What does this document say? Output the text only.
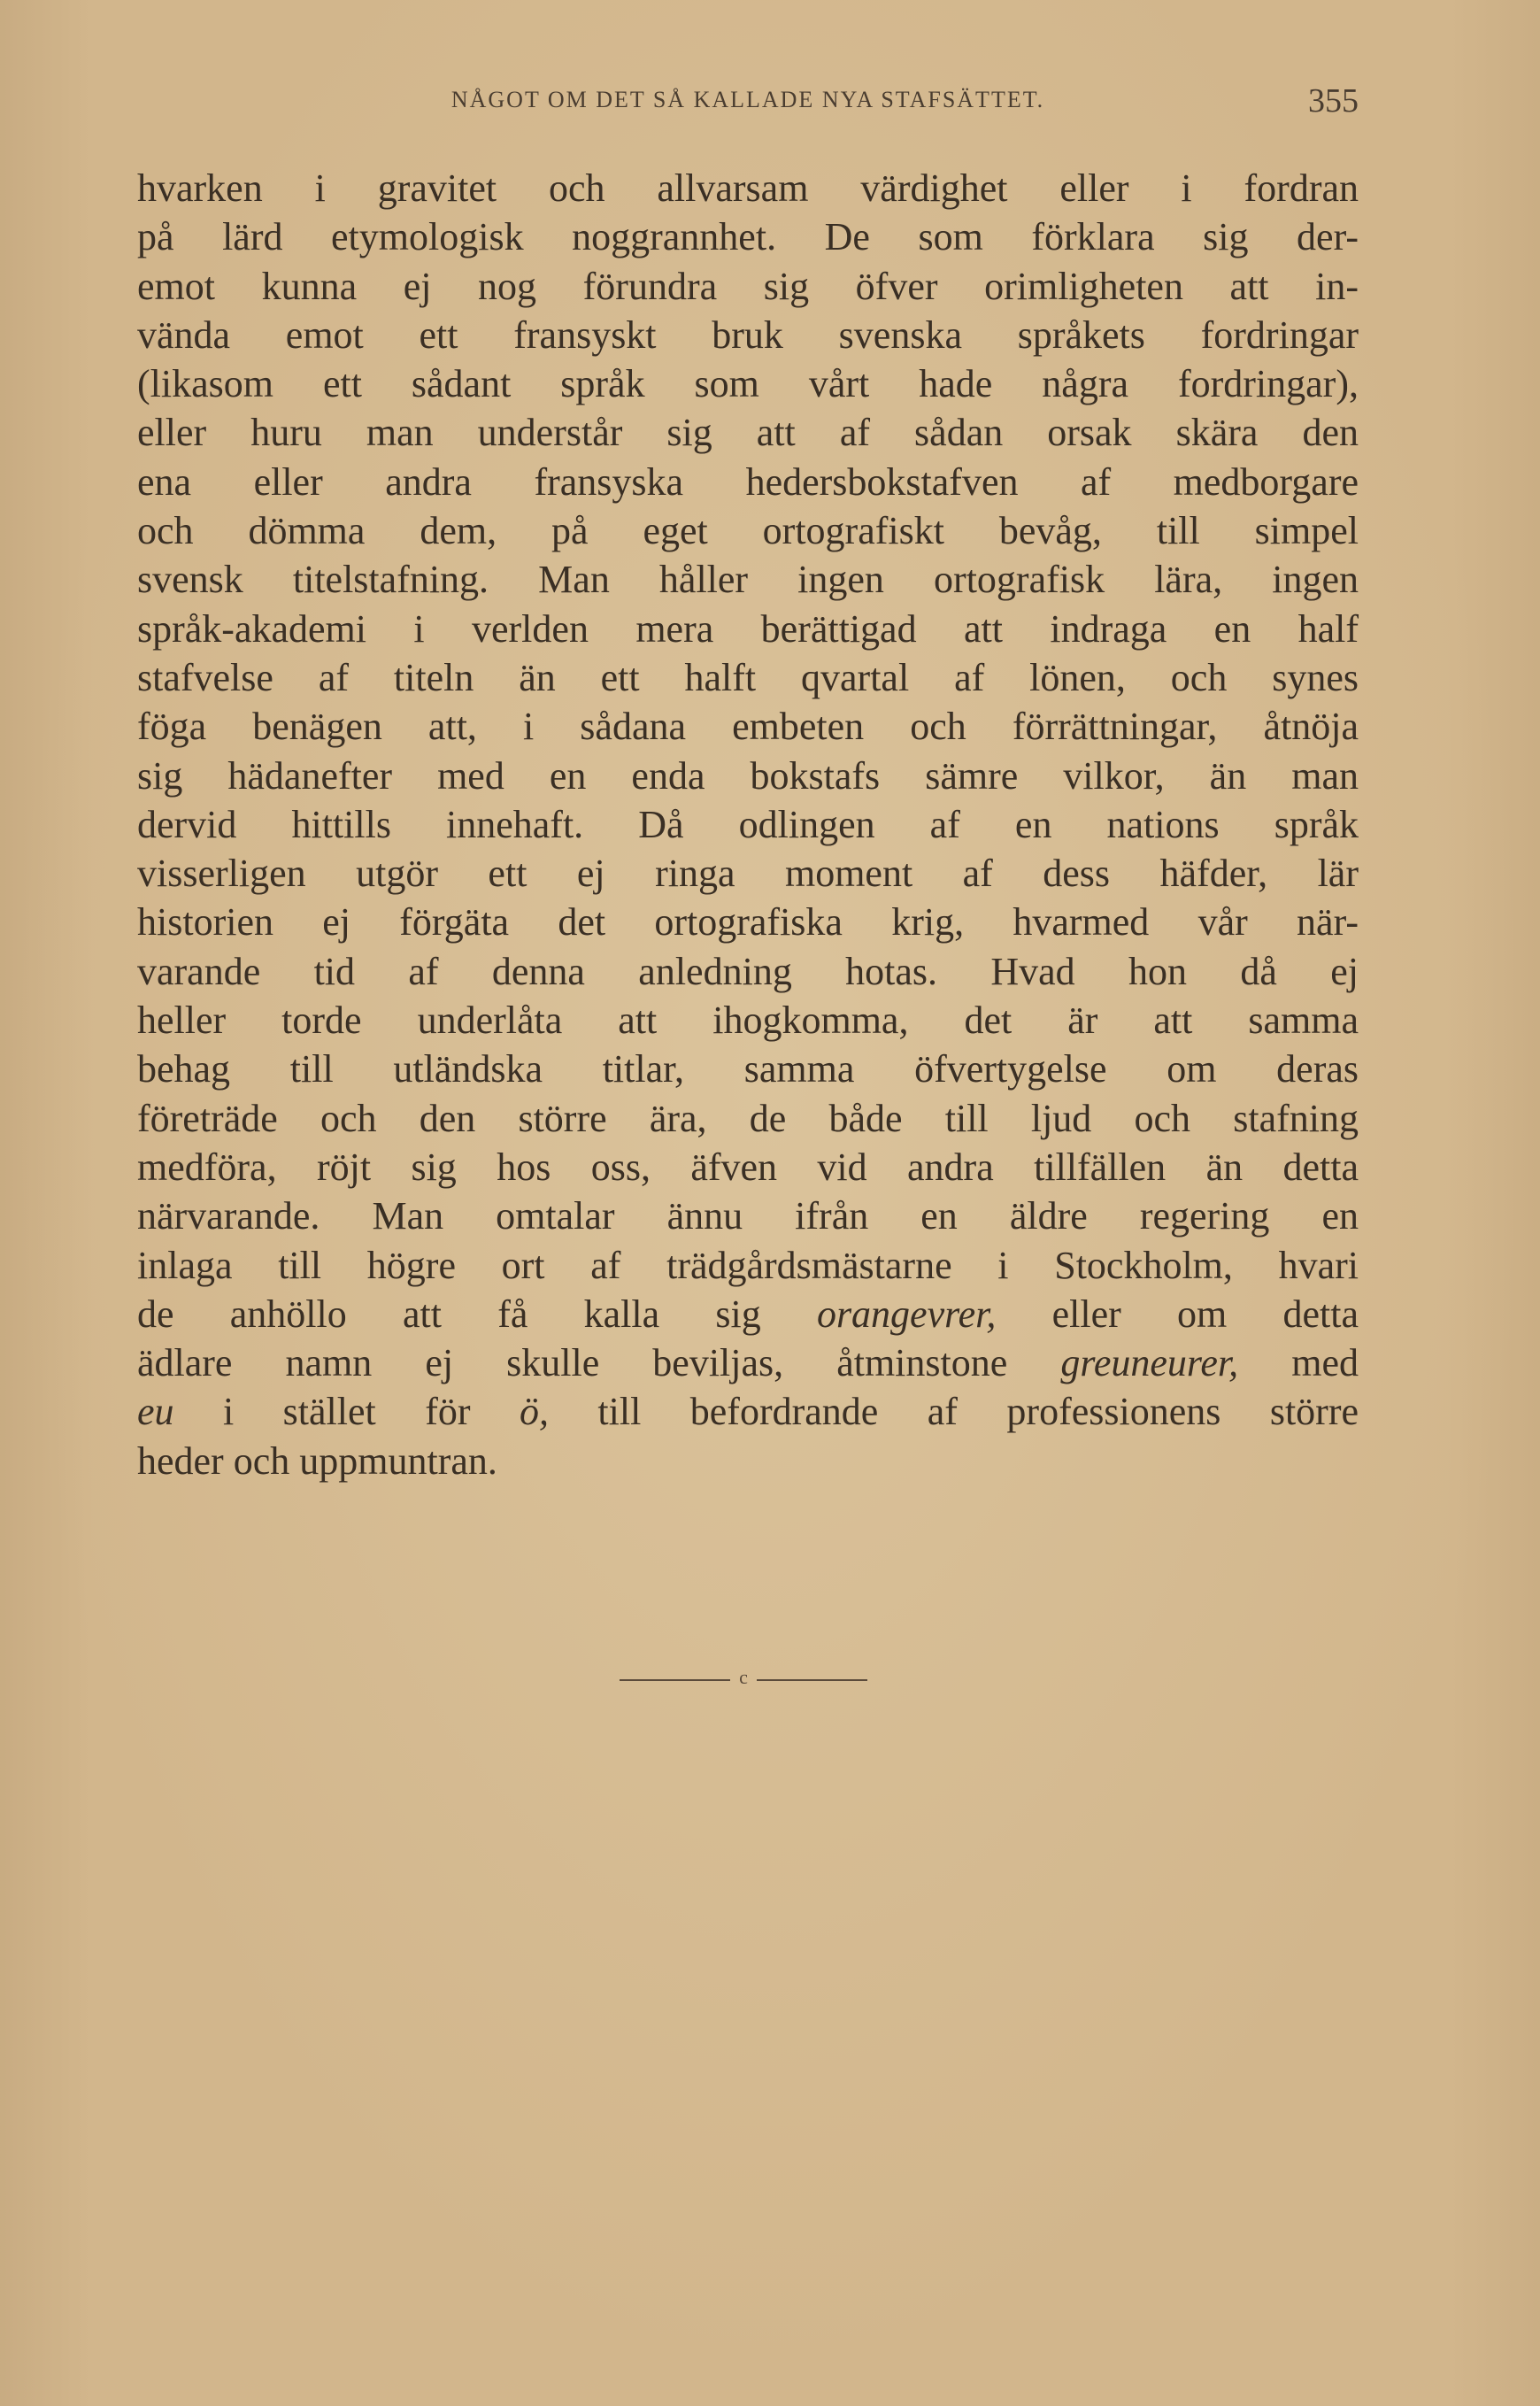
NÅGOT OM DET SÅ KALLADE NYA STAFSÄTTET.	355
hvarken i gravitet och allvarsam värdighet eller i fordran
på lärd etymologisk noggrannhet. De som förklara sig der-
emot kunna ej nog förundra sig öfver orimligheten att in-
vända emot ett fransyskt bruk svenska språkets fordringar
(likasom ett sådant språk som vårt hade några fordringar),
eller huru man understår sig att af sådan orsak skära den
ena eller andra fransyska hedersbokstafven af medborgare
och dömma dem, på eget ortografiskt bevåg, till simpel
svensk titelstafning. Man håller ingen ortografisk lära, ingen
språk-akademi i verlden mera berättigad att indraga en half
stafvelse af titeln än ett halft qvartal af lönen, och synes
föga benägen att, i sådana embeten och förrättningar, åtnöja
sig hädanefter med en enda bokstafs sämre vilkor, än man
dervid hittills innehaft. Då odlingen af en nations språk
visserligen utgör ett ej ringa moment af dess häfder, lär
historien ej förgäta det ortografiska krig, hvarmed vår när-
varande tid af denna anledning hotas. Hvad hon då ej
heller torde underlåta att ihogkomma, det är att samma
behag till utländska titlar, samma öfvertygelse om deras
företräde och den större ära, de både till ljud och stafning
medföra, röjt sig hos oss, äfven vid andra tillfällen än detta
närvarande. Man omtalar ännu ifrån en äldre regering en
inlaga till högre ort af trädgårdsmästarne i Stockholm, hvari
de anhöllo att få kalla sig orangevrer, eller om detta
ädlare namn ej skulle beviljas, åtminstone greuneurer, med
eu i stället för ö, till befordrande af professionens större
heder och uppmuntran.
c
